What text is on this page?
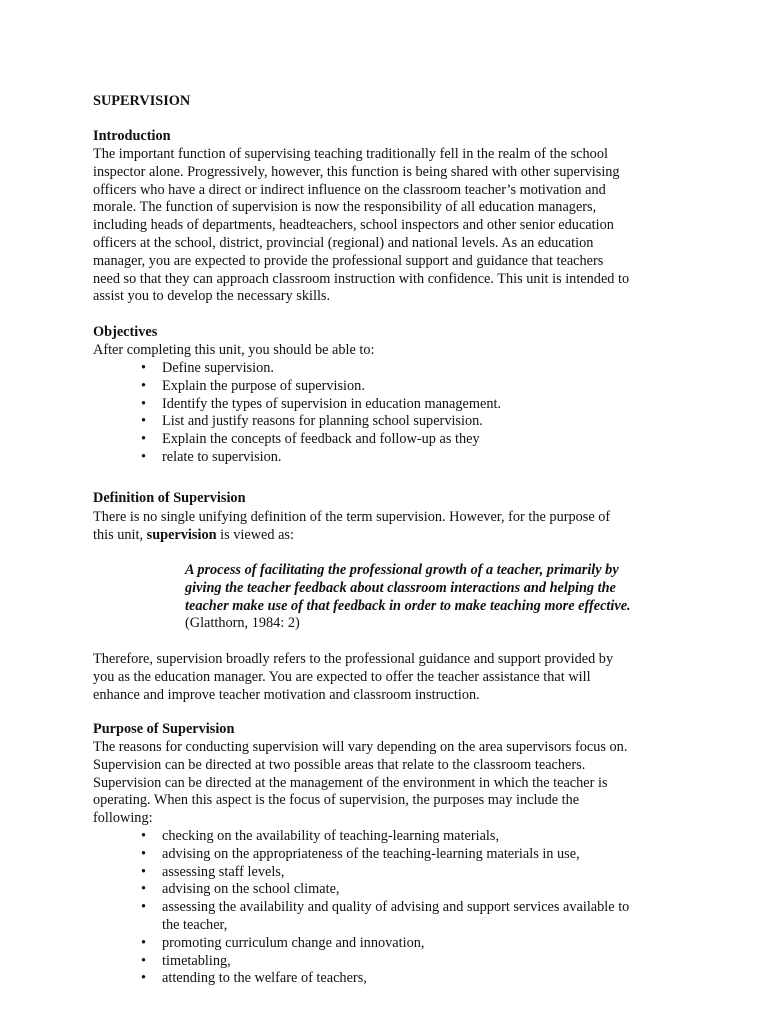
SUPERVISION
Introduction

The important function of supervising teaching traditionally fell in the realm of the school

inspector alone. Progressively, however, this function is being shared with other supervising

officers who have a direct or indirect influence on the classroom teacher’s motivation and

morale. The function of supervision is now the responsibility of all education managers,

including heads of departments, headteachers, school inspectors and other senior education

officers at the school, district, provincial (regional) and national levels. As an education

manager, you are expected to provide the professional support and guidance that teachers

need so that they can approach classroom instruction with confidence. This unit is intended to

assist you to develop the necessary skills.

Objectives

After completing this unit, you should be able to:

• Define supervision.
• Explain the purpose of supervision.
• Identify the types of supervision in education management.
• List and justify reasons for planning school supervision.
• Explain the concepts of feedback and follow-up as they
• relate to supervision.
Definition of Supervision

There is no single unifying definition of the term supervision. However, for the purpose of

this unit, supervision is viewed as:

A process of facilitating the professional growth of a teacher, primarily by

giving the teacher feedback about classroom interactions and helping the

teacher make use of that feedback in order to make teaching more effective.

(Glatthorn, 1984: 2)

Therefore, supervision broadly refers to the professional guidance and support provided by

you as the education manager. You are expected to offer the teacher assistance that will

enhance and improve teacher motivation and classroom instruction.

Purpose of Supervision

The reasons for conducting supervision will vary depending on the area supervisors focus on.

Supervision can be directed at two possible areas that relate to the classroom teachers.

Supervision can be directed at the management of the environment in which the teacher is

operating. When this aspect is the focus of supervision, the purposes may include the

following:

• checking on the availability of teaching-learning materials,
• advising on the appropriateness of the teaching-learning materials in use,
• assessing staff levels,
• advising on the school climate,
• assessing the availability and quality of advising and support services available to
the teacher,
• promoting curriculum change and innovation,
• timetabling,
• attending to the welfare of teachers,
